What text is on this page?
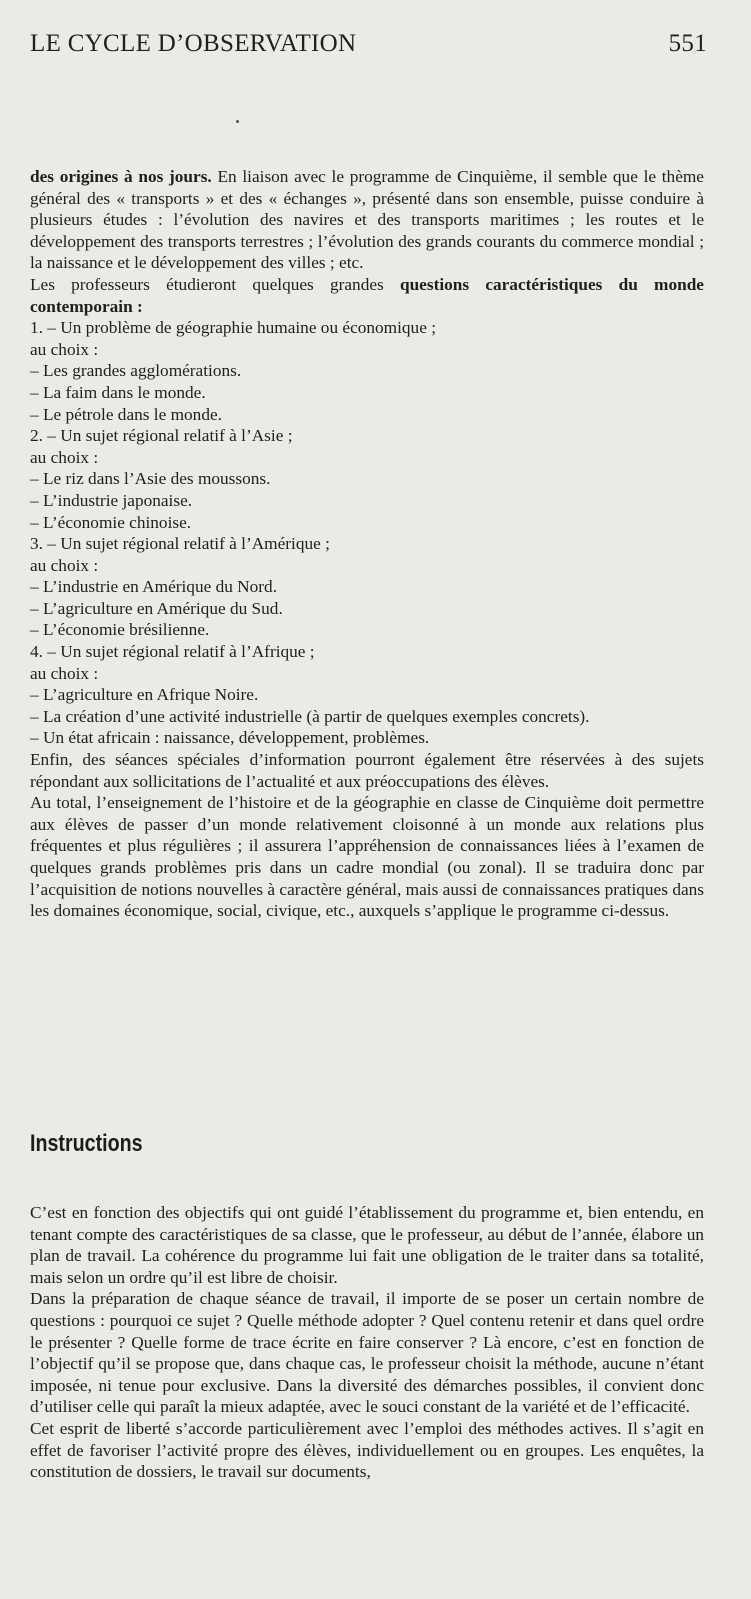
LE CYCLE D’OBSERVATION	551

des origines à nos jours. En liaison avec le programme de Cinquième, il semble que le thème général des « transports » et des « échanges », présenté dans son ensemble, puisse conduire à plusieurs études : l’évolution des navires et des transports maritimes ; les routes et le développement des transports terrestres ; l’évolution des grands courants du commerce mondial ; la naissance et le développement des villes ; etc.

Les professeurs étudieront quelques grandes questions caractéristiques du monde contemporain :

1. – Un problème de géographie humaine ou économique ;

au choix :

– Les grandes agglomérations.
– La faim dans le monde.
– Le pétrole dans le monde.

2. – Un sujet régional relatif à l’Asie ;

au choix :

– Le riz dans l’Asie des moussons.
– L’industrie japonaise.
– L’économie chinoise.

3. – Un sujet régional relatif à l’Amérique ;

au choix :

– L’industrie en Amérique du Nord.
– L’agriculture en Amérique du Sud.
– L’économie brésilienne.

4. – Un sujet régional relatif à l’Afrique ;

au choix :

– L’agriculture en Afrique Noire.
– La création d’une activité industrielle (à partir de quelques exemples concrets).
– Un état africain : naissance, développement, problèmes.

Enfin, des séances spéciales d’information pourront également être réservées à des sujets répondant aux sollicitations de l’actualité et aux préoccupations des élèves.

Au total, l’enseignement de l’histoire et de la géographie en classe de Cinquième doit permettre aux élèves de passer d’un monde relativement cloisonné à un monde aux relations plus fréquentes et plus régulières ; il assurera l’appréhension de connaissances liées à l’examen de quelques grands problèmes pris dans un cadre mondial (ou zonal). Il se traduira donc par l’acquisition de notions nouvelles à caractère général, mais aussi de connaissances pratiques dans les domaines économique, social, civique, etc., auxquels s’applique le programme ci-dessus.

Instructions

C’est en fonction des objectifs qui ont guidé l’établissement du programme et, bien entendu, en tenant compte des caractéristiques de sa classe, que le professeur, au début de l’année, élabore un plan de travail. La cohérence du programme lui fait une obligation de le traiter dans sa totalité, mais selon un ordre qu’il est libre de choisir.

Dans la préparation de chaque séance de travail, il importe de se poser un certain nombre de questions : pourquoi ce sujet ? Quelle méthode adopter ? Quel contenu retenir et dans quel ordre le présenter ? Quelle forme de trace écrite en faire conserver ? Là encore, c’est en fonction de l’objectif qu’il se propose que, dans chaque cas, le professeur choisit la méthode, aucune n’étant imposée, ni tenue pour exclusive. Dans la diversité des démarches possibles, il convient donc d’utiliser celle qui paraît la mieux adaptée, avec le souci constant de la variété et de l’efficacité.

Cet esprit de liberté s’accorde particulièrement avec l’emploi des méthodes actives. Il s’agit en effet de favoriser l’activité propre des élèves, individuellement ou en groupes. Les enquêtes, la constitution de dossiers, le travail sur documents,
